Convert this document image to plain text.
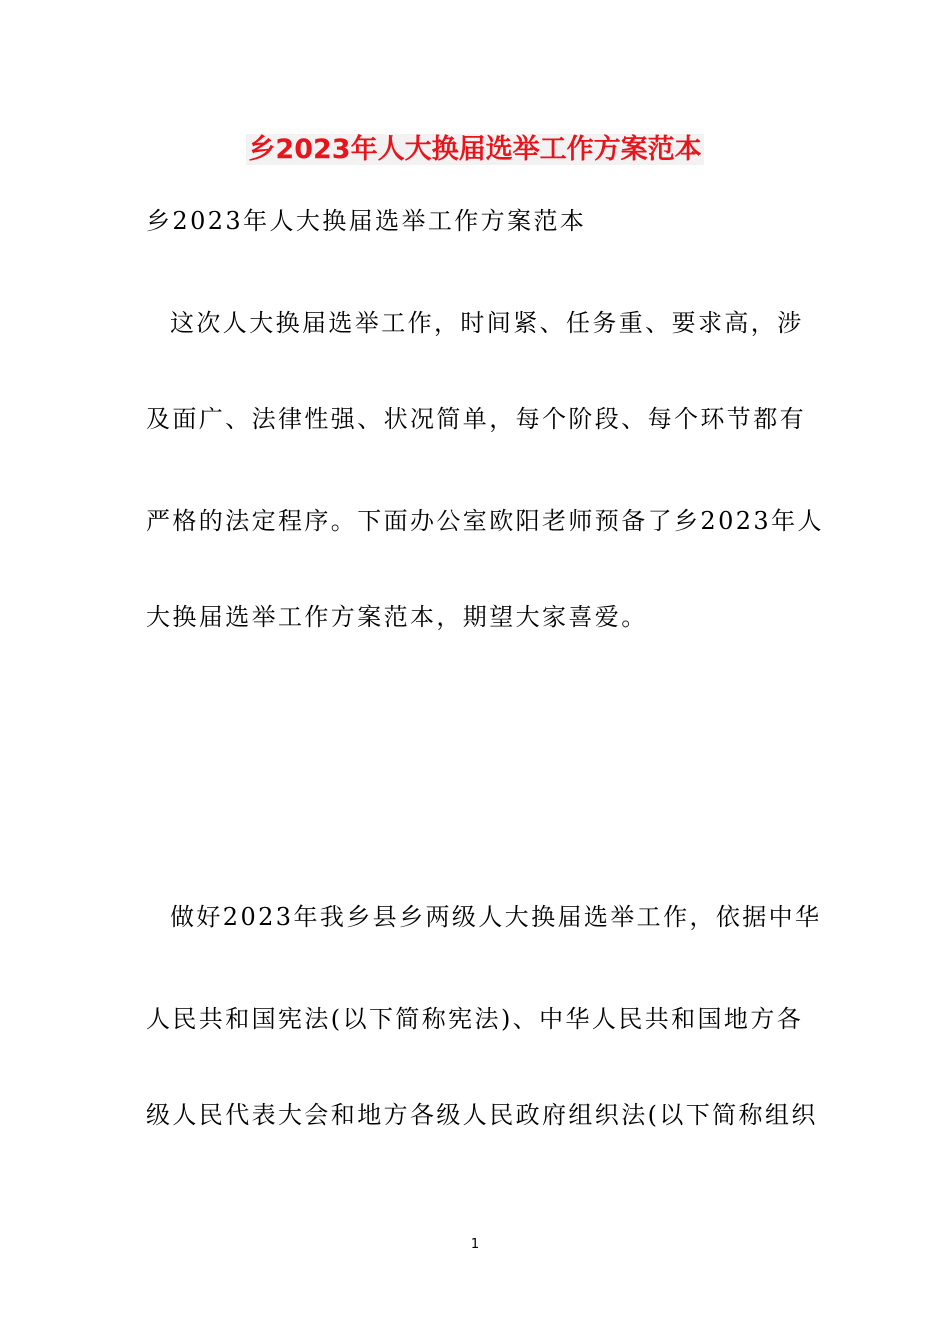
乡2023年人大换届选举工作方案范本

乡2023年人大换届选举工作方案范本

这次人大换届选举工作，时间紧、任务重、要求高，涉

及面广、法律性强、状况简单，每个阶段、每个环节都有

严格的法定程序。下面办公室欧阳老师预备了乡2023年人

大换届选举工作方案范本，期望大家喜爱。

做好2023年我乡县乡两级人大换届选举工作，依据中华

人民共和国宪法(以下简称宪法)、中华人民共和国地方各

级人民代表大会和地方各级人民政府组织法(以下简称组织

1
